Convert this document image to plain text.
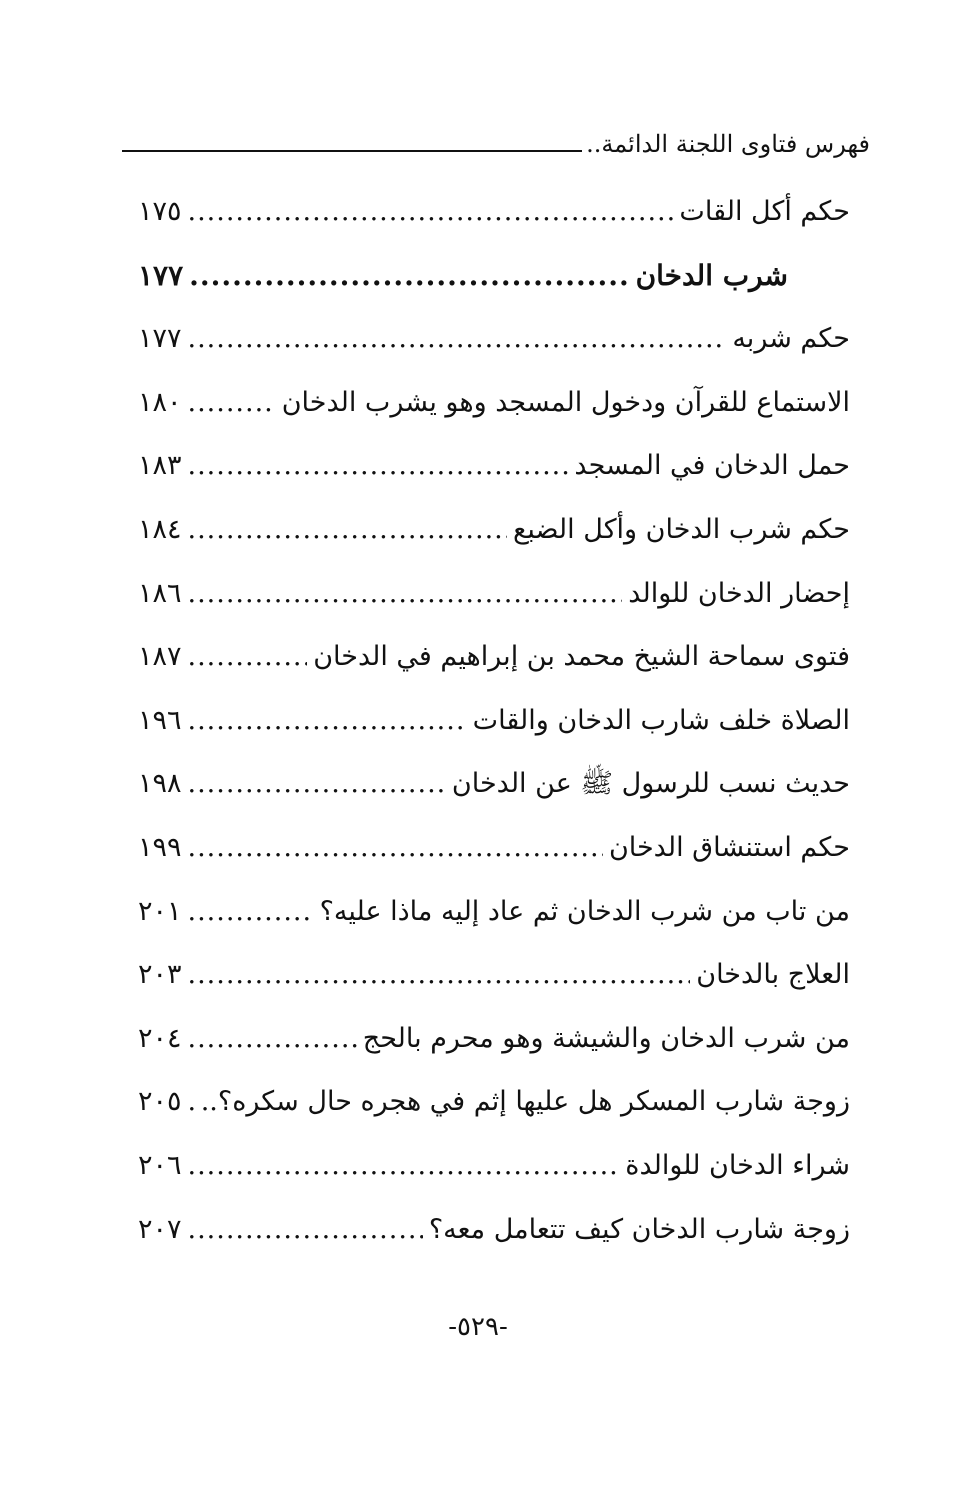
فهرس فتاوى اللجنة الدائمة..
حكم أكل القات
.....
١٧٥
شرب الدخان
.....
١٧٧
حكم شربه
.....
١٧٧
الاستماع للقرآن ودخول المسجد وهو يشرب الدخان
.....
١٨٠
حمل الدخان في المسجد
.....
١٨٣
حكم شرب الدخان وأكل الضبع
.....
١٨٤
إحضار الدخان للوالد
.....
١٨٦
فتوى سماحة الشيخ محمد بن إبراهيم في الدخان
.....
١٨٧
الصلاة خلف شارب الدخان والقات
.....
١٩٦
حديث نسب للرسول ﷺ عن الدخان
.....
١٩٨
حكم استنشاق الدخان
.....
١٩٩
من تاب من شرب الدخان ثم عاد إليه ماذا عليه؟
.....
٢٠١
العلاج بالدخان
.....
٢٠٣
من شرب الدخان والشيشة وهو محرم بالحج
.....
٢٠٤
زوجة شارب المسكر هل عليها إثم في هجره حال سكره؟..
.....
٢٠٥
شراء الدخان للوالدة
.....
٢٠٦
زوجة شارب الدخان كيف تتعامل معه؟
.....
٢٠٧
-٥٢٩-
